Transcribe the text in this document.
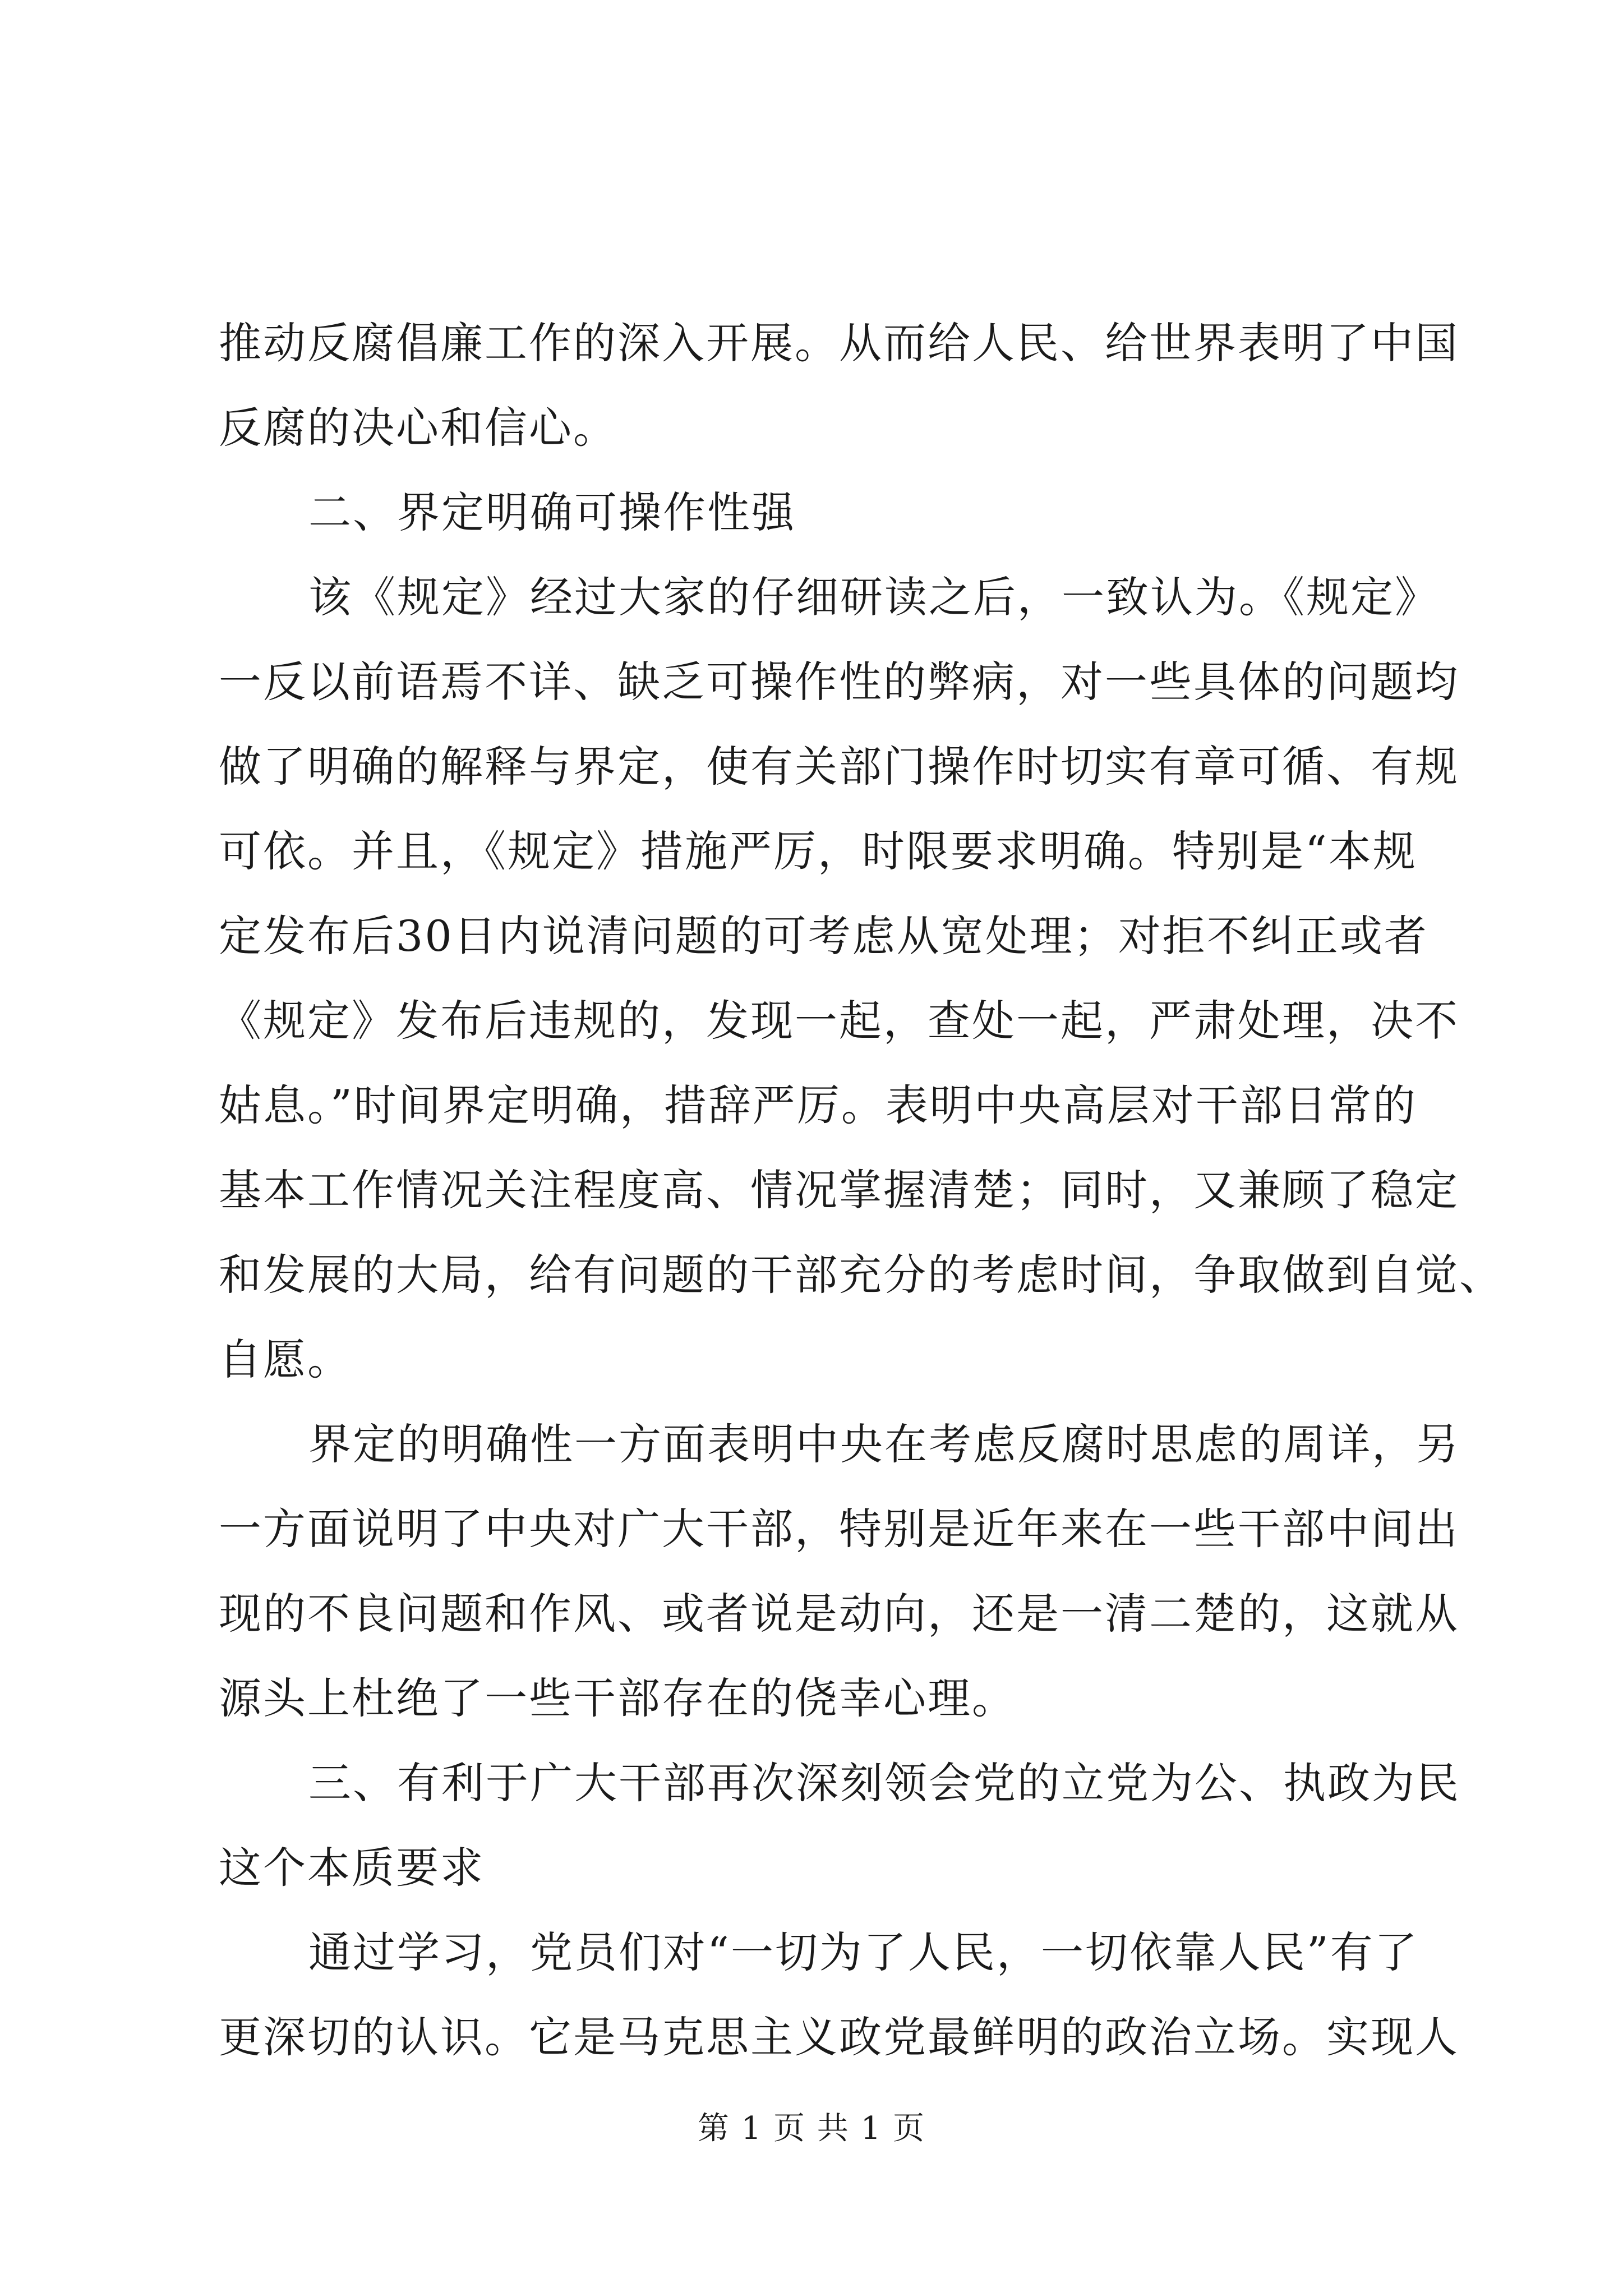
推动反腐倡廉工作的深入开展。从而给人民、给世界表明了中国
反腐的决心和信心。
二、界定明确可操作性强
该《规定》经过大家的仔细研读之后，一致认为。《规定》
一反以前语焉不详、缺乏可操作性的弊病，对一些具体的问题均
做了明确的解释与界定，使有关部门操作时切实有章可循、有规
可依。并且，《规定》措施严厉，时限要求明确。特别是“本规
定发布后30日内说清问题的可考虑从宽处理；对拒不纠正或者
《规定》发布后违规的，发现一起，查处一起，严肃处理，决不
姑息。”时间界定明确，措辞严厉。表明中央高层对干部日常的
基本工作情况关注程度高、情况掌握清楚；同时，又兼顾了稳定
和发展的大局，给有问题的干部充分的考虑时间，争取做到自觉、
自愿。
界定的明确性一方面表明中央在考虑反腐时思虑的周详，另
一方面说明了中央对广大干部，特别是近年来在一些干部中间出
现的不良问题和作风、或者说是动向，还是一清二楚的，这就从
源头上杜绝了一些干部存在的侥幸心理。
三、有利于广大干部再次深刻领会党的立党为公、执政为民
这个本质要求
通过学习，党员们对“一切为了人民，一切依靠人民”有了
更深切的认识。它是马克思主义政党最鲜明的政治立场。实现人
第 1 页 共 1 页
